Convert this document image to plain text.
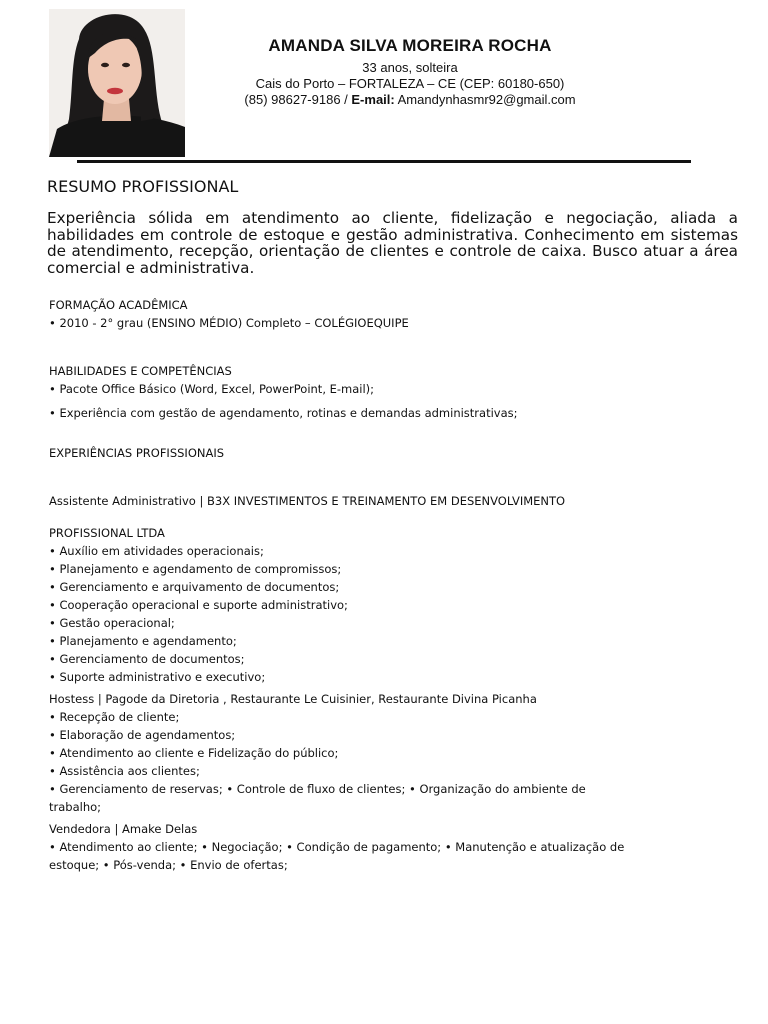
AMANDA SILVA MOREIRA ROCHA

33 anos, solteira

Cais do Porto – FORTALEZA – CE (CEP: 60180-650)

(85) 98627-9186 / E-mail: Amandynhasmr92@gmail.com

RESUMO PROFISSIONAL

Experiência sólida em atendimento ao cliente, fidelização e negociação, aliada a habilidades em controle de estoque e gestão administrativa. Conhecimento em sistemas de atendimento, recepção, orientação de clientes e controle de caixa. Busco atuar a área comercial e administrativa.

FORMAÇÃO ACADÊMICA

• 2010 - 2° grau (ENSINO MÉDIO) Completo – COLÉGIOEQUIPE

HABILIDADES E COMPETÊNCIAS

• Pacote Office Básico (Word, Excel, PowerPoint, E-mail);
• Experiência com gestão de agendamento, rotinas e demandas administrativas;

EXPERIÊNCIAS PROFISSIONAIS

Assistente Administrativo | B3X INVESTIMENTOS E TREINAMENTO EM DESENVOLVIMENTO

PROFISSIONAL LTDA

• Auxílio em atividades operacionais;
• Planejamento e agendamento de compromissos;
• Gerenciamento e arquivamento de documentos;
• Cooperação operacional e suporte administrativo;
• Gestão operacional;
• Planejamento e agendamento;
• Gerenciamento de documentos;
• Suporte administrativo e executivo;

Hostess | Pagode da Diretoria , Restaurante Le Cuisinier, Restaurante Divina Picanha

• Recepção de cliente;
• Elaboração de agendamentos;
• Atendimento ao cliente e Fidelização do público;
• Assistência aos clientes;
• Gerenciamento de reservas; • Controle de fluxo de clientes; • Organização do ambiente de trabalho;

Vendedora | Amake Delas

• Atendimento ao cliente; • Negociação; • Condição de pagamento; • Manutenção e atualização de estoque; • Pós-venda; • Envio de ofertas;
